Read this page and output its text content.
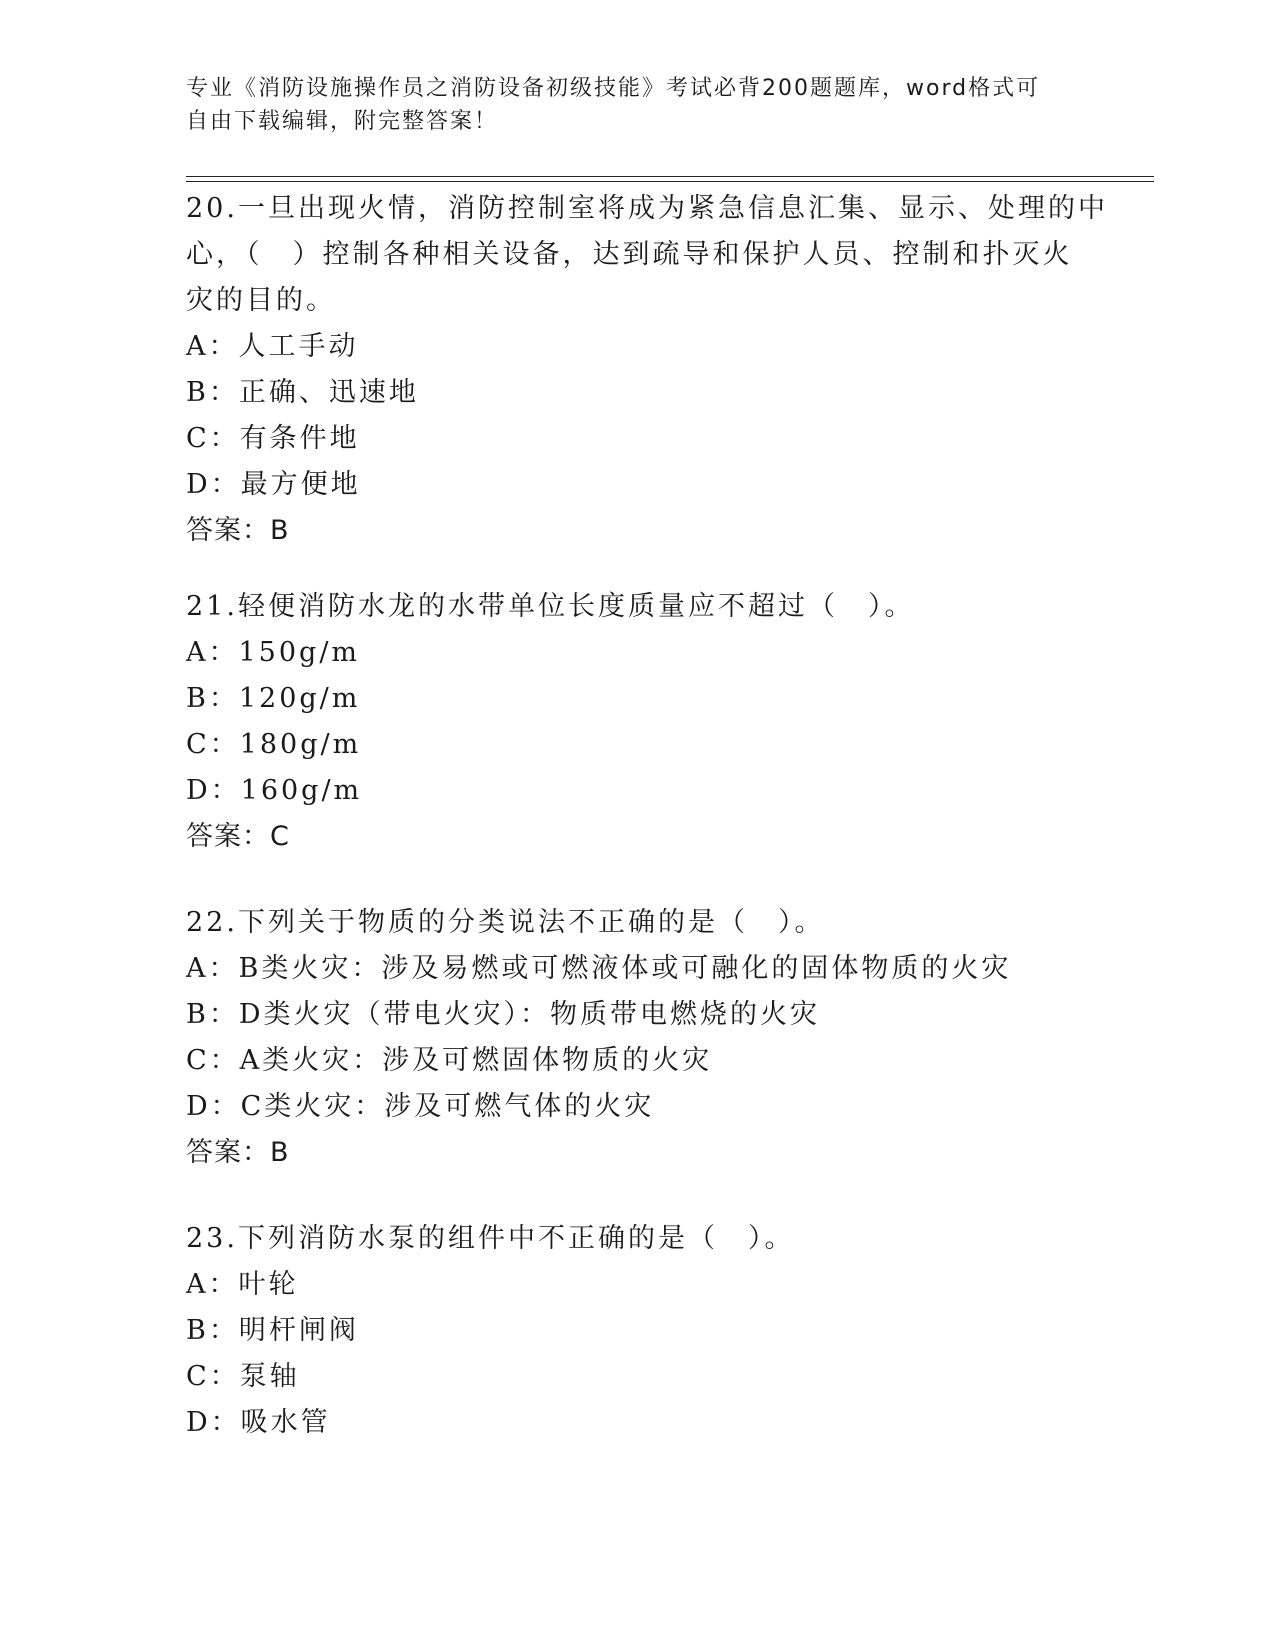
专业《消防设施操作员之消防设备初级技能》考试必背200题题库，word格式可
自由下载编辑，附完整答案！
20.一旦出现火情，消防控制室将成为紧急信息汇集、显示、处理的中
心，（　）控制各种相关设备，达到疏导和保护人员、控制和扑灭火
灾的目的。
A：人工手动
B：正确、迅速地
C：有条件地
D：最方便地
答案：B
21.轻便消防水龙的水带单位长度质量应不超过（　）。
A：150g/m
B：120g/m
C：180g/m
D：160g/m
答案：C
22.下列关于物质的分类说法不正确的是（　）。
A：B类火灾：涉及易燃或可燃液体或可融化的固体物质的火灾
B：D类火灾（带电火灾）：物质带电燃烧的火灾
C：A类火灾：涉及可燃固体物质的火灾
D：C类火灾：涉及可燃气体的火灾
答案：B
23.下列消防水泵的组件中不正确的是（　）。
A：叶轮
B：明杆闸阀
C：泵轴
D：吸水管
